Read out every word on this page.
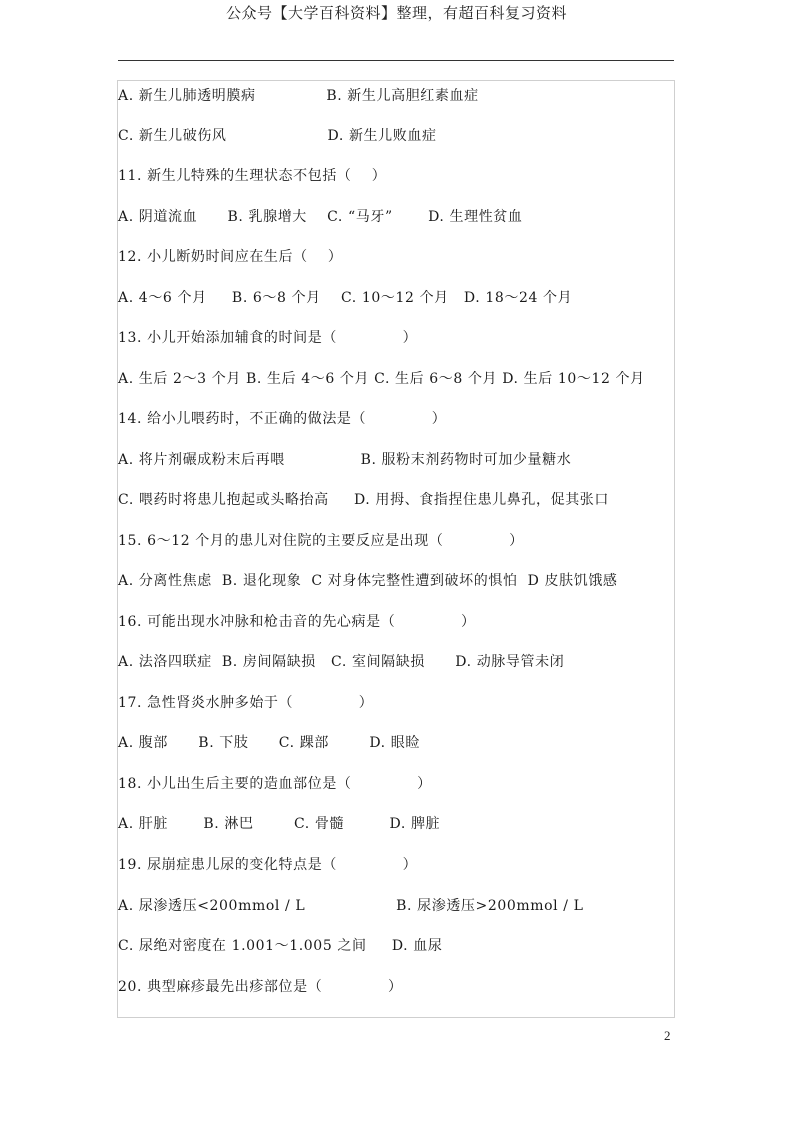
公众号【大学百科资料】整理，有超百科复习资料
A. 新生儿肺透明膜病              B. 新生儿高胆红素血症
C. 新生儿破伤风                    D. 新生儿败血症
11. 新生儿特殊的生理状态不包括（    ）
A. 阴道流血      B. 乳腺增大    C. “马牙”       D. 生理性贫血
12. 小儿断奶时间应在生后（    ）
A. 4～6 个月     B. 6～8 个月    C. 10～12 个月   D. 18～24 个月
13. 小儿开始添加辅食的时间是（             ）
A. 生后 2～3 个月 B. 生后 4～6 个月 C. 生后 6～8 个月 D. 生后 10～12 个月
14. 给小儿喂药时，不正确的做法是（             ）
A. 将片剂碾成粉末后再喂               B. 服粉末剂药物时可加少量糖水
C. 喂药时将患儿抱起或头略抬高     D. 用拇、食指捏住患儿鼻孔，促其张口
15. 6～12 个月的患儿对住院的主要反应是出现（             ）
A. 分离性焦虑  B. 退化现象  C 对身体完整性遭到破坏的惧怕  D 皮肤饥饿感
16. 可能出现水冲脉和枪击音的先心病是（             ）
A. 法洛四联症  B. 房间隔缺损   C. 室间隔缺损      D. 动脉导管未闭
17. 急性肾炎水肿多始于（             ）
A. 腹部      B. 下肢      C. 踝部        D. 眼睑
18. 小儿出生后主要的造血部位是（             ）
A. 肝脏       B. 淋巴        C. 骨髓         D. 脾脏
19. 尿崩症患儿尿的变化特点是（             ）
A. 尿渗透压<200mmol / L                  B. 尿渗透压>200mmol / L
C. 尿绝对密度在 1.001～1.005 之间     D. 血尿
20. 典型麻疹最先出疹部位是（             ）
2
